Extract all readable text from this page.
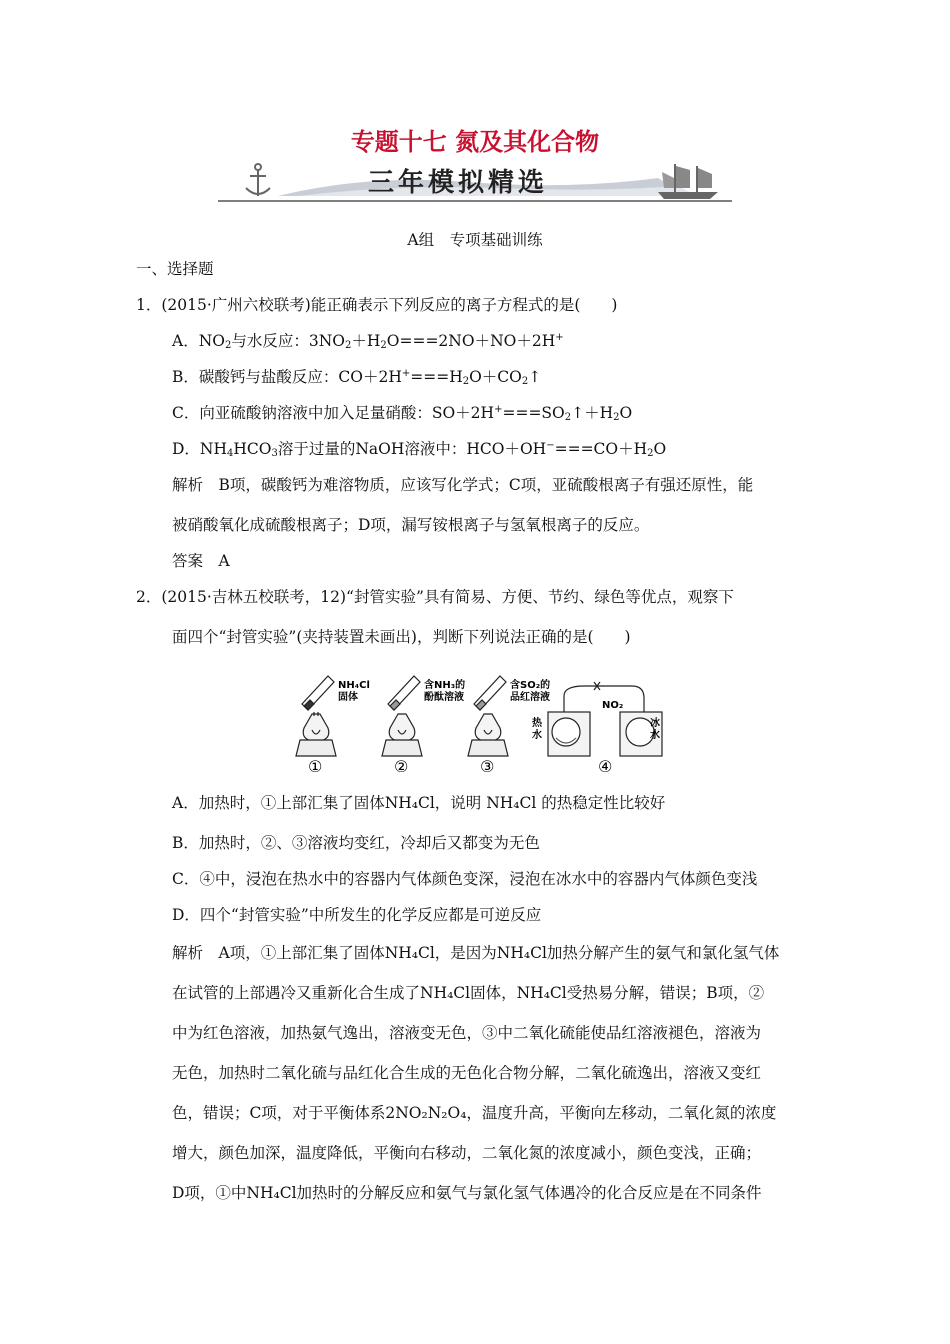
专题十七 氮及其化合物
三年模拟精选
A组　专项基础训练
一、选择题
1．(2015·广州六校联考)能正确表示下列反应的离子方程式的是(　　)
A．$NO_2$与水反应：$3NO_2+H_2O===2NO+NO+2H^+$
B．碳酸钙与盐酸反应：$CO+2H^+===H_2O+CO_2↑$
C．向亚硫酸钠溶液中加入足量硝酸：$SO+2H^+===SO_2↑+H_2O$
D．$NH_4HCO_3$溶于过量的NaOH溶液中：$HCO+OH^-===CO+H_2O$
解析　B项，碳酸钙为难溶物质，应该写化学式；C项，亚硫酸根离子有强还原性，能
被硝酸氧化成硫酸根离子；D项，漏写铵根离子与氢氧根离子的反应。
答案　A
2．(2015·吉林五校联考，12)“封管实验”具有简易、方便、节约、绿色等优点，观察下
面四个“封管实验”(夹持装置未画出)，判断下列说法正确的是(　　)
NH₄Cl
固体
含NH₃的
酚酞溶液
含SO₂的
品红溶液
NO₂
热
水
冰
水
①	②	③	④
A．加热时，①上部汇集了固体NH₄Cl，说明 NH₄Cl 的热稳定性比较好
B．加热时，②、③溶液均变红，冷却后又都变为无色
C．④中，浸泡在热水中的容器内气体颜色变深，浸泡在冰水中的容器内气体颜色变浅
D．四个“封管实验”中所发生的化学反应都是可逆反应
解析　A项，①上部汇集了固体NH₄Cl，是因为NH₄Cl加热分解产生的氨气和氯化氢气体
在试管的上部遇冷又重新化合生成了NH₄Cl固体，NH₄Cl受热易分解，错误；B项，②
中为红色溶液，加热氨气逸出，溶液变无色，③中二氧化硫能使品红溶液褪色，溶液为
无色，加热时二氧化硫与品红化合生成的无色化合物分解，二氧化硫逸出，溶液又变红
色，错误；C项，对于平衡体系2NO₂N₂O₄，温度升高，平衡向左移动，二氧化氮的浓度
增大，颜色加深，温度降低，平衡向右移动，二氧化氮的浓度减小，颜色变浅，正确；
D项，①中NH₄Cl加热时的分解反应和氨气与氯化氢气体遇冷的化合反应是在不同条件
